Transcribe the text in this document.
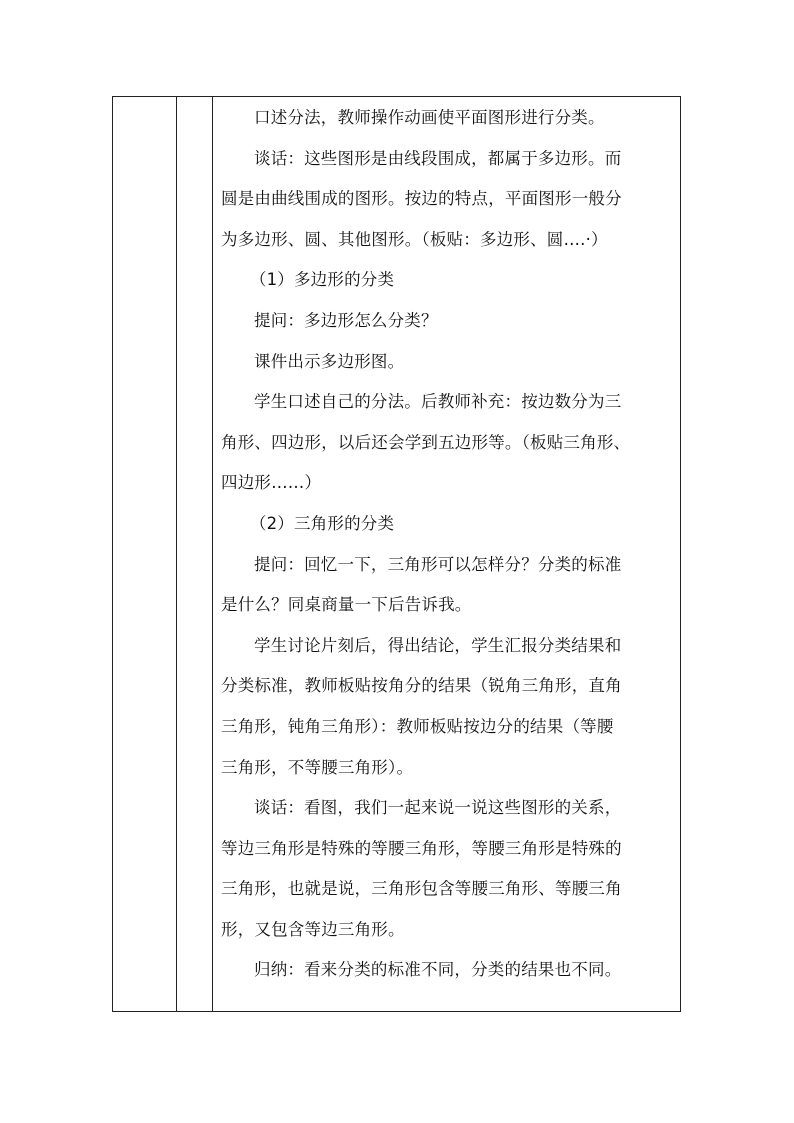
口述分法，教师操作动画使平面图形进行分类。

谈话：这些图形是由线段围成，都属于多边形。而
圆是由曲线围成的图形。按边的特点，平面图形一般分
为多边形、圆、其他图形。（板贴：多边形、圆….·）

（1）多边形的分类

提问：多边形怎么分类？

课件出示多边形图。

学生口述自己的分法。后教师补充：按边数分为三
角形、四边形，以后还会学到五边形等。（板贴三角形、
四边形……）

（2）三角形的分类

提问：回忆一下，三角形可以怎样分？分类的标准
是什么？同桌商量一下后告诉我。

学生讨论片刻后，得出结论，学生汇报分类结果和
分类标准，教师板贴按角分的结果（锐角三角形，直角
三角形，钝角三角形）：教师板贴按边分的结果（等腰
三角形，不等腰三角形）。

谈话：看图，我们一起来说一说这些图形的关系，
等边三角形是特殊的等腰三角形，等腰三角形是特殊的
三角形，也就是说，三角形包含等腰三角形、等腰三角
形，又包含等边三角形。

归纳：看来分类的标准不同，分类的结果也不同。
